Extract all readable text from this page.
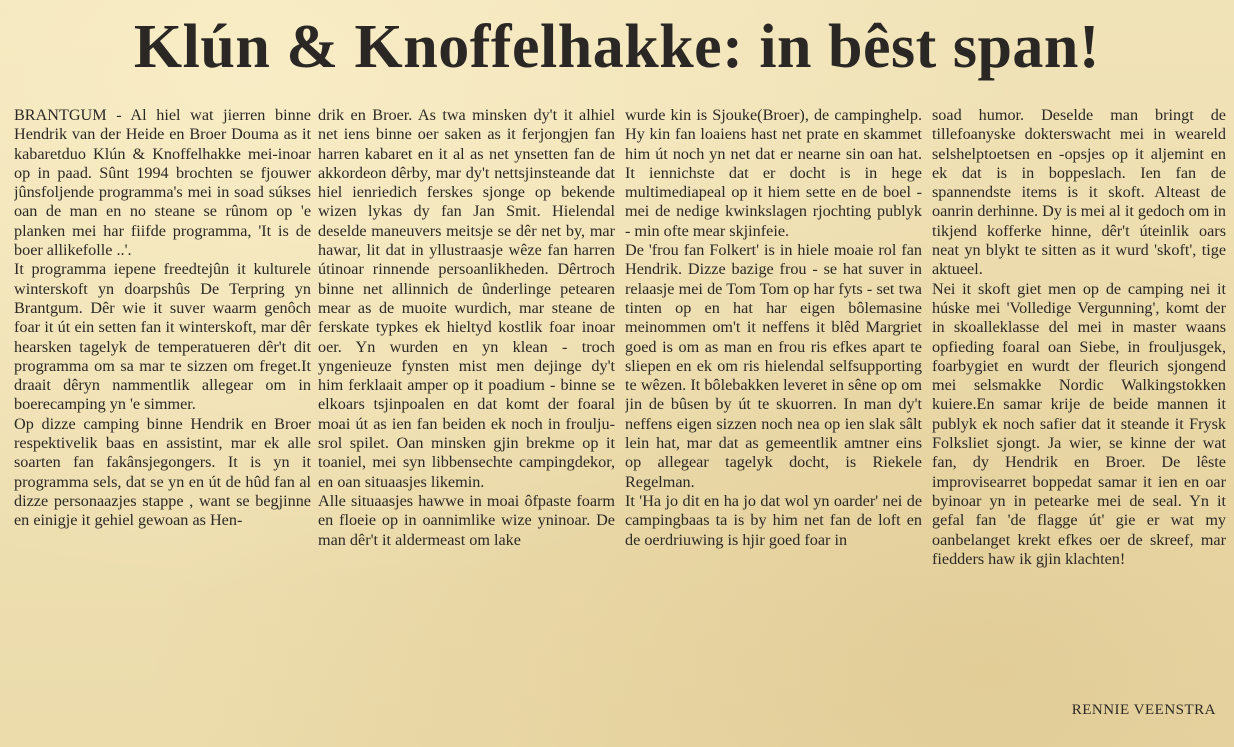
Klún & Knoffelhakke: in bêst span!

BRANTGUM - Al hiel wat jierren binne Hendrik van der Heide en Broer Douma as it kabaretduo Klún & Knoffelhakke mei-inoar op in paad. Sûnt 1994 brochten se fjouwer jûnsfoljende programma's mei in soad súkses oan de man en no steane se rûnom op 'e planken mei har fiifde programma, 'It is de boer allikefolle ..'.

It programma iepene freedtejûn it kulturele winterskoft yn doarpshûs De Terpring yn Brantgum. Dêr wie it suver waarm genôch foar it út ein setten fan it winterskoft, mar dêr hearsken tagelyk de temperatueren dêr't dit programma om sa mar te sizzen om freget.It draait dêryn nammentlik allegear om in boerecamping yn 'e simmer.

Op dizze camping binne Hendrik en Broer respektivelik baas en assistint, mar ek alle soarten fan fakânsjegongers. It is yn it programma sels, dat se yn en út de hûd fan al dizze personaazjes stappe , want se begjinne en einigje it gehiel gewoan as Hen-

drik en Broer. As twa minsken dy't it alhiel net iens binne oer saken as it ferjongjen fan harren kabaret en it al as net ynsetten fan de akkordeon dêrby, mar dy't nettsjinsteande dat hiel ienriedich ferskes sjonge op bekende wizen lykas dy fan Jan Smit. Hielendal deselde maneuvers meitsje se dêr net by, mar hawar, lit dat in yllustraasje wêze fan harren útinoar rinnende persoanlikheden. Dêrtroch binne net allinnich de ûnderlinge petearen mear as de muoite wurdich, mar steane de ferskate typkes ek hieltyd kostlik foar inoar oer. Yn wurden en yn klean - troch yngenieuze fynsten mist men dejinge dy't him ferklaait amper op it poadium - binne se elkoars tsjinpoalen en dat komt der foaral moai út as ien fan beiden ek noch in frouljusrol spilet. Oan minsken gjin brekme op it toaniel, mei syn libbensechte campingdekor, en oan situaasjes likemin.

Alle situaasjes hawwe in moai ôfpaste foarm en floeie op in oannimlike wize yninoar. De man dêr't it aldermeast om lake

wurde kin is Sjouke(Broer), de campinghelp. Hy kin fan loaiens hast net prate en skammet him út noch yn net dat er nearne sin oan hat. It iennichste dat er docht is in hege multimediapeal op it hiem sette en de boel - mei de nedige kwinkslagen rjochting publyk - min ofte mear skjinfeie.

De 'frou fan Folkert' is in hiele moaie rol fan Hendrik. Dizze bazige frou - se hat suver in relaasje mei de Tom Tom op har fyts - set twa tinten op en hat har eigen bôlemasine meinommen om't it neffens it blêd Margriet goed is om as man en frou ris efkes apart te sliepen en ek om ris hielendal selfsupporting te wêzen. It bôlebakken leveret in sêne op om jin de bûsen by út te skuorren. In man dy't neffens eigen sizzen noch nea op ien slak sâlt lein hat, mar dat as gemeentlik amtner eins op allegear tagelyk docht, is Riekele Regelman.

It 'Ha jo dit en ha jo dat wol yn oarder' nei de campingbaas ta is by him net fan de loft en de oerdriuwing is hjir goed foar in

soad humor. Deselde man bringt de tillefoanyske dokterswacht mei in weareld selshelptoetsen en -opsjes op it aljemint en ek dat is in boppeslach. Ien fan de spannendste items is it skoft. Alteast de oanrin derhinne. Dy is mei al it gedoch om in tikjend kofferke hinne, dêr't úteinlik oars neat yn blykt te sitten as it wurd 'skoft', tige aktueel.

Nei it skoft giet men op de camping nei it húske mei 'Volledige Vergunning', komt der in skoalleklasse del mei in master waans opfieding foaral oan Siebe, in frouljusgek, foarbygiet en wurdt der fleurich sjongend mei selsmakke Nordic Walkingstokken kuiere.En samar krije de beide mannen it publyk ek noch safier dat it steande it Frysk Folksliet sjongt. Ja wier, se kinne der wat fan, dy Hendrik en Broer. De lêste improvisearret boppedat samar it ien en oar byinoar yn in petearke mei de seal. Yn it gefal fan 'de flagge út' gie er wat my oanbelanget krekt efkes oer de skreef, mar fiedders haw ik gjin klachten!

RENNIE VEENSTRA
